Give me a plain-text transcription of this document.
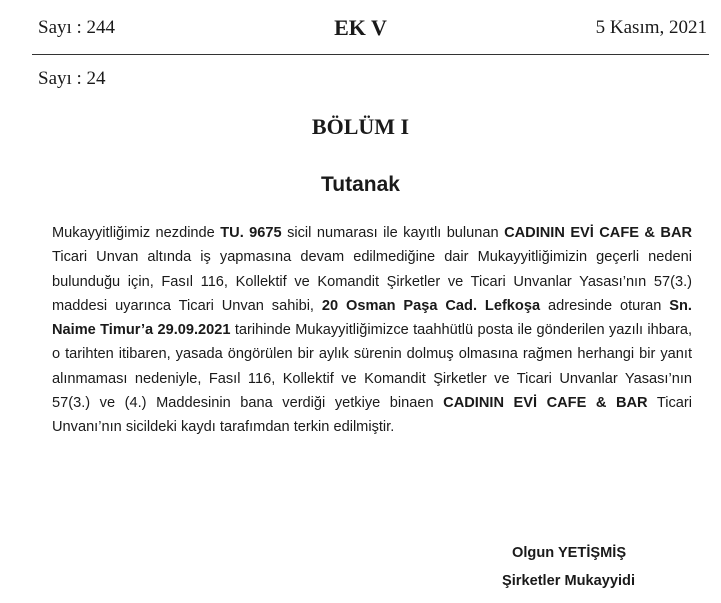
Sayı : 244	EK V	5 Kasım, 2021
Sayı : 24
BÖLÜM I
Tutanak
Mukayyitliğimiz nezdinde TU. 9675 sicil numarası ile kayıtlı bulunan CADININ EVİ CAFE & BAR Ticari Unvan altında iş yapmasına devam edilmediğine dair Mukayyitliğimizin geçerli nedeni bulunduğu için, Fasıl 116, Kollektif ve Komandit Şirketler ve Ticari Unvanlar Yasası’nın 57(3.) maddesi uyarınca Ticari Unvan sahibi, 20 Osman Paşa Cad. Lefkoşa adresinde oturan Sn. Naime Timur’a 29.09.2021 tarihinde Mukayyitliğimizce taahhütlü posta ile gönderilen yazılı ihbara, o tarihten itibaren, yasada öngörülen bir aylık sürenin dolmuş olmasına rağmen herhangi bir yanıt alınmaması nedeniyle, Fasıl 116, Kollektif ve Komandit Şirketler ve Ticari Unvanlar Yasası’nın 57(3.) ve (4.) Maddesinin bana verdiği yetkiye binaen CADININ EVİ CAFE & BAR Ticari Unvanı’nın sicildeki kaydı tarafımdan terkin edilmiştir.
Olgun YETİŞMİŞ
Şirketler Mukayyidi
